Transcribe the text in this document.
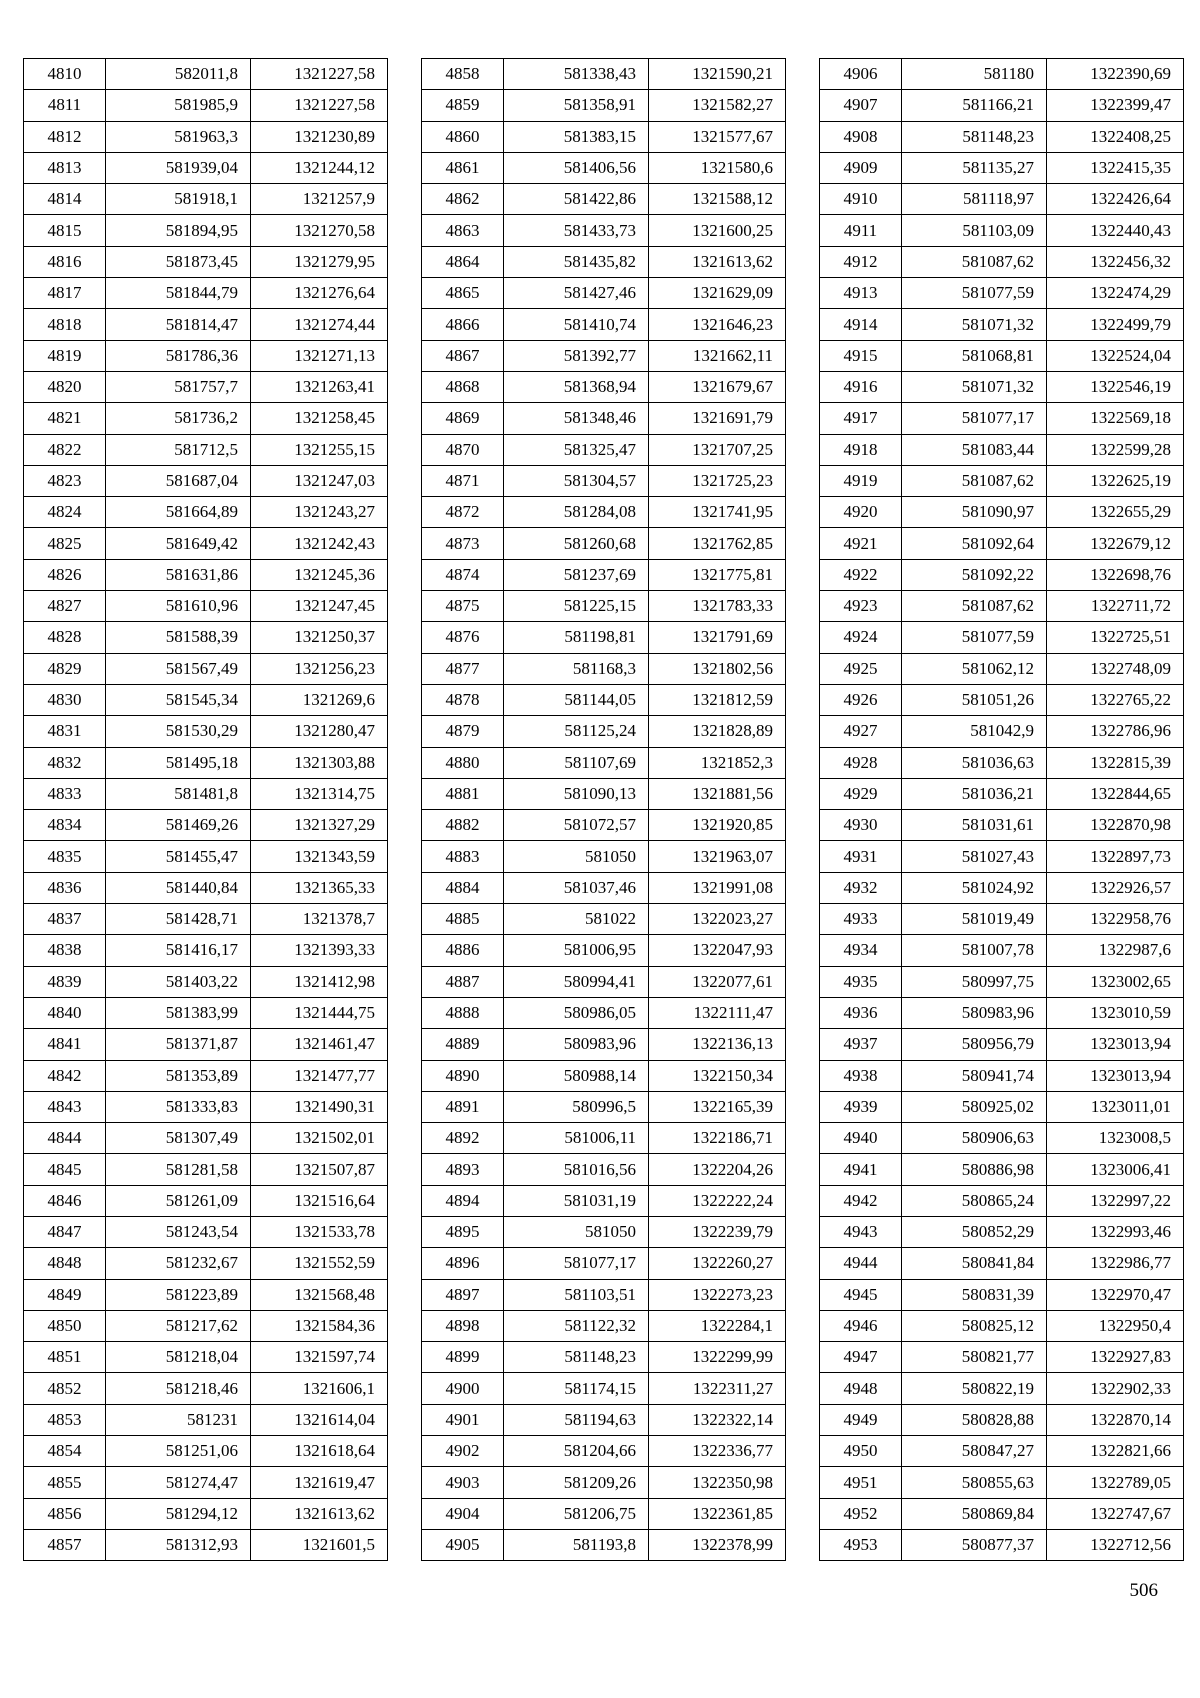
4810	582011,8	1321227,58
4811	581985,9	1321227,58
4812	581963,3	1321230,89
4813	581939,04	1321244,12
4814	581918,1	1321257,9
4815	581894,95	1321270,58
4816	581873,45	1321279,95
4817	581844,79	1321276,64
4818	581814,47	1321274,44
4819	581786,36	1321271,13
4820	581757,7	1321263,41
4821	581736,2	1321258,45
4822	581712,5	1321255,15
4823	581687,04	1321247,03
4824	581664,89	1321243,27
4825	581649,42	1321242,43
4826	581631,86	1321245,36
4827	581610,96	1321247,45
4828	581588,39	1321250,37
4829	581567,49	1321256,23
4830	581545,34	1321269,6
4831	581530,29	1321280,47
4832	581495,18	1321303,88
4833	581481,8	1321314,75
4834	581469,26	1321327,29
4835	581455,47	1321343,59
4836	581440,84	1321365,33
4837	581428,71	1321378,7
4838	581416,17	1321393,33
4839	581403,22	1321412,98
4840	581383,99	1321444,75
4841	581371,87	1321461,47
4842	581353,89	1321477,77
4843	581333,83	1321490,31
4844	581307,49	1321502,01
4845	581281,58	1321507,87
4846	581261,09	1321516,64
4847	581243,54	1321533,78
4848	581232,67	1321552,59
4849	581223,89	1321568,48
4850	581217,62	1321584,36
4851	581218,04	1321597,74
4852	581218,46	1321606,1
4853	581231	1321614,04
4854	581251,06	1321618,64
4855	581274,47	1321619,47
4856	581294,12	1321613,62
4857	581312,93	1321601,5
4858	581338,43	1321590,21
4859	581358,91	1321582,27
4860	581383,15	1321577,67
4861	581406,56	1321580,6
4862	581422,86	1321588,12
4863	581433,73	1321600,25
4864	581435,82	1321613,62
4865	581427,46	1321629,09
4866	581410,74	1321646,23
4867	581392,77	1321662,11
4868	581368,94	1321679,67
4869	581348,46	1321691,79
4870	581325,47	1321707,25
4871	581304,57	1321725,23
4872	581284,08	1321741,95
4873	581260,68	1321762,85
4874	581237,69	1321775,81
4875	581225,15	1321783,33
4876	581198,81	1321791,69
4877	581168,3	1321802,56
4878	581144,05	1321812,59
4879	581125,24	1321828,89
4880	581107,69	1321852,3
4881	581090,13	1321881,56
4882	581072,57	1321920,85
4883	581050	1321963,07
4884	581037,46	1321991,08
4885	581022	1322023,27
4886	581006,95	1322047,93
4887	580994,41	1322077,61
4888	580986,05	1322111,47
4889	580983,96	1322136,13
4890	580988,14	1322150,34
4891	580996,5	1322165,39
4892	581006,11	1322186,71
4893	581016,56	1322204,26
4894	581031,19	1322222,24
4895	581050	1322239,79
4896	581077,17	1322260,27
4897	581103,51	1322273,23
4898	581122,32	1322284,1
4899	581148,23	1322299,99
4900	581174,15	1322311,27
4901	581194,63	1322322,14
4902	581204,66	1322336,77
4903	581209,26	1322350,98
4904	581206,75	1322361,85
4905	581193,8	1322378,99
4906	581180	1322390,69
4907	581166,21	1322399,47
4908	581148,23	1322408,25
4909	581135,27	1322415,35
4910	581118,97	1322426,64
4911	581103,09	1322440,43
4912	581087,62	1322456,32
4913	581077,59	1322474,29
4914	581071,32	1322499,79
4915	581068,81	1322524,04
4916	581071,32	1322546,19
4917	581077,17	1322569,18
4918	581083,44	1322599,28
4919	581087,62	1322625,19
4920	581090,97	1322655,29
4921	581092,64	1322679,12
4922	581092,22	1322698,76
4923	581087,62	1322711,72
4924	581077,59	1322725,51
4925	581062,12	1322748,09
4926	581051,26	1322765,22
4927	581042,9	1322786,96
4928	581036,63	1322815,39
4929	581036,21	1322844,65
4930	581031,61	1322870,98
4931	581027,43	1322897,73
4932	581024,92	1322926,57
4933	581019,49	1322958,76
4934	581007,78	1322987,6
4935	580997,75	1323002,65
4936	580983,96	1323010,59
4937	580956,79	1323013,94
4938	580941,74	1323013,94
4939	580925,02	1323011,01
4940	580906,63	1323008,5
4941	580886,98	1323006,41
4942	580865,24	1322997,22
4943	580852,29	1322993,46
4944	580841,84	1322986,77
4945	580831,39	1322970,47
4946	580825,12	1322950,4
4947	580821,77	1322927,83
4948	580822,19	1322902,33
4949	580828,88	1322870,14
4950	580847,27	1322821,66
4951	580855,63	1322789,05
4952	580869,84	1322747,67
4953	580877,37	1322712,56
506
